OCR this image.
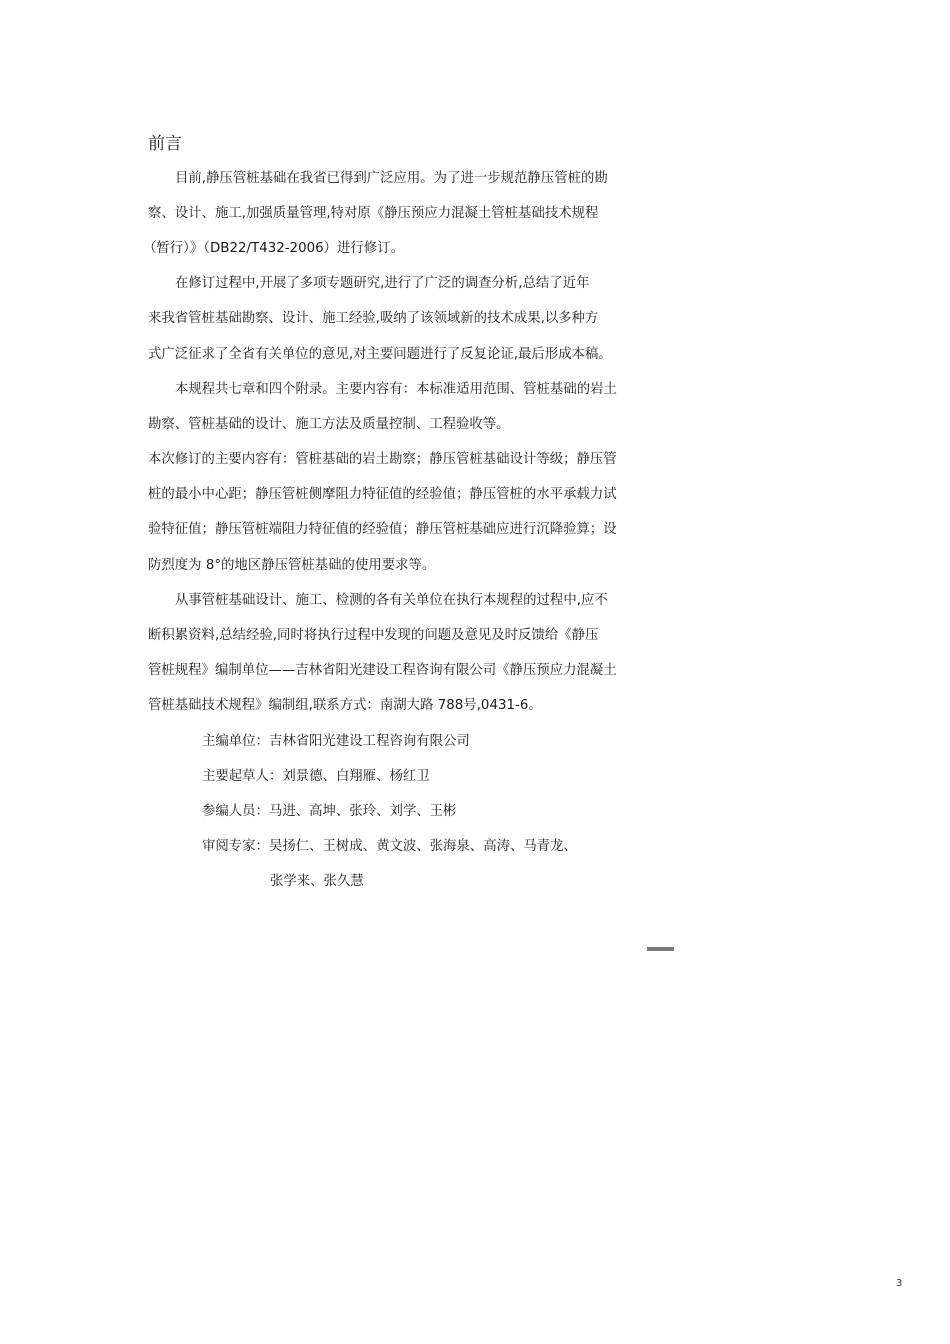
前言

目前,静压管桩基础在我省已得到广泛应用。为了进一步规范静压管桩的勘

察、设计、施工,加强质量管理,特对原《静压预应力混凝土管桩基础技术规程

（暂行）》（DB22/T432-2006）进行修订。

在修订过程中,开展了多项专题研究,进行了广泛的调查分析,总结了近年

来我省管桩基础勘察、设计、施工经验,吸纳了该领域新的技术成果,以多种方

式广泛征求了全省有关单位的意见,对主要问题进行了反复论证,最后形成本稿。

本规程共七章和四个附录。主要内容有：本标准适用范围、管桩基础的岩土

勘察、管桩基础的设计、施工方法及质量控制、工程验收等。

本次修订的主要内容有：管桩基础的岩土勘察；静压管桩基础设计等级；静压管

桩的最小中心距；静压管桩侧摩阻力特征值的经验值；静压管桩的水平承载力试

验特征值；静压管桩端阻力特征值的经验值；静压管桩基础应进行沉降验算；设

防烈度为 8°的地区静压管桩基础的使用要求等。

从事管桩基础设计、施工、检测的各有关单位在执行本规程的过程中,应不

断积累资料,总结经验,同时将执行过程中发现的问题及意见及时反馈给《静压

管桩规程》编制单位——吉林省阳光建设工程咨询有限公司《静压预应力混凝土

管桩基础技术规程》编制组,联系方式：南湖大路 788号,0431-6。

主编单位：吉林省阳光建设工程咨询有限公司

主要起草人：刘景德、白翔雁、杨红卫

参编人员：马进、高坤、张玲、刘学、王彬

审阅专家：吴扬仁、王树成、黄文波、张海泉、高涛、马青龙、

张学来、张久慧

3
